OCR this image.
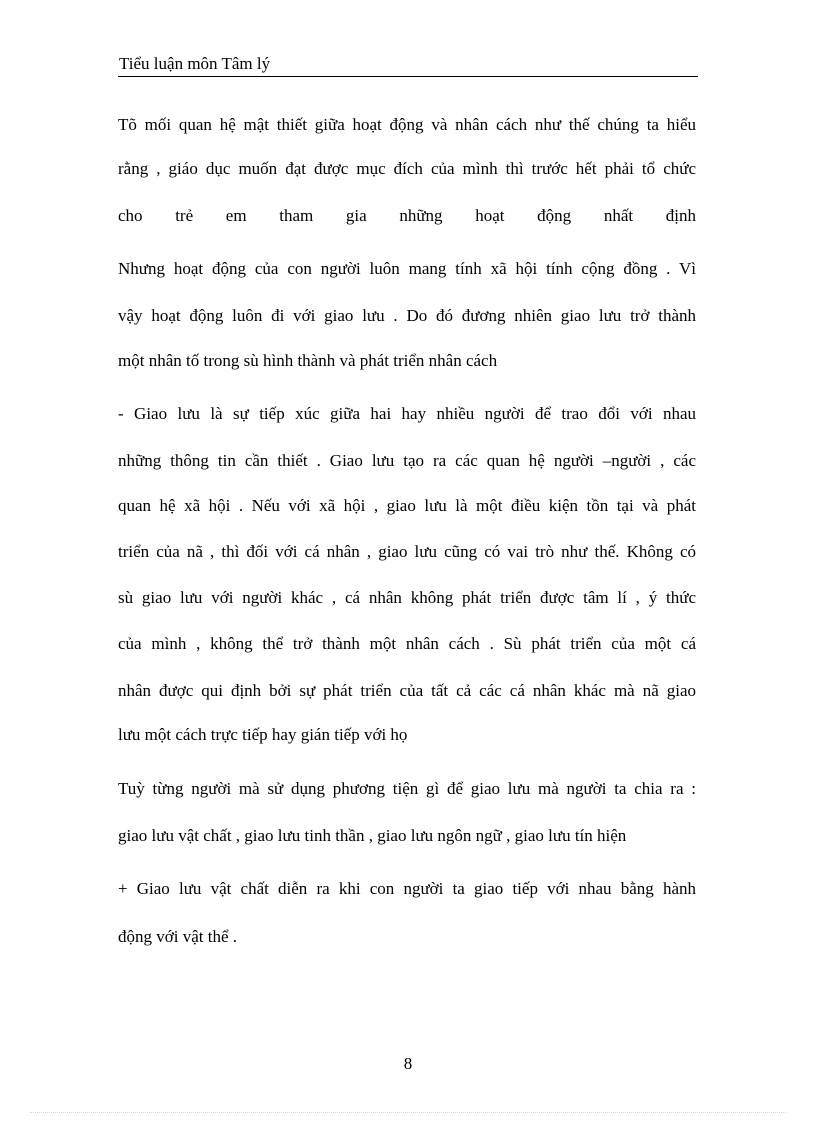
Tiểu luận môn Tâm lý
Tõ mối quan hệ mật thiết giữa hoạt động và nhân cách như thế chúng ta hiểu
rằng , giáo dục muốn đạt được mục đích của mình thì trước hết phải tổ chức
cho trẻ em tham gia những hoạt động nhất định
Nhưng hoạt động của con người luôn mang tính xã hội tính cộng đồng . Vì
vậy hoạt động luôn đi với giao lưu . Do đó đương nhiên giao lưu trở thành
một nhân tố trong sù hình thành và phát triển nhân cách
- Giao lưu là sự tiếp xúc giữa hai hay nhiều người để trao đổi với nhau
những thông tin cần thiết . Giao lưu tạo ra các quan hệ người –người , các
quan hệ xã hội . Nếu với xã hội , giao lưu là một điều kiện tồn tại và phát
triển của nã , thì đối với cá nhân , giao lưu cũng có vai trò như thế. Không có
sù giao lưu với người khác , cá nhân không phát triển được tâm lí , ý thức
của mình , không thể trở thành một nhân cách . Sù phát triển của một cá
nhân được qui định bởi sự phát triển của tất cả các cá nhân khác mà nã giao
lưu một cách trực tiếp hay gián tiếp với họ
Tuỳ từng người mà sử dụng phương tiện gì để giao lưu mà người ta chia ra :
giao lưu vật chất , giao lưu tinh thần , giao lưu ngôn ngữ , giao lưu tín hiện
+ Giao lưu vật chất diễn ra khi con người ta giao tiếp với nhau bằng hành
động với vật thể .
8
